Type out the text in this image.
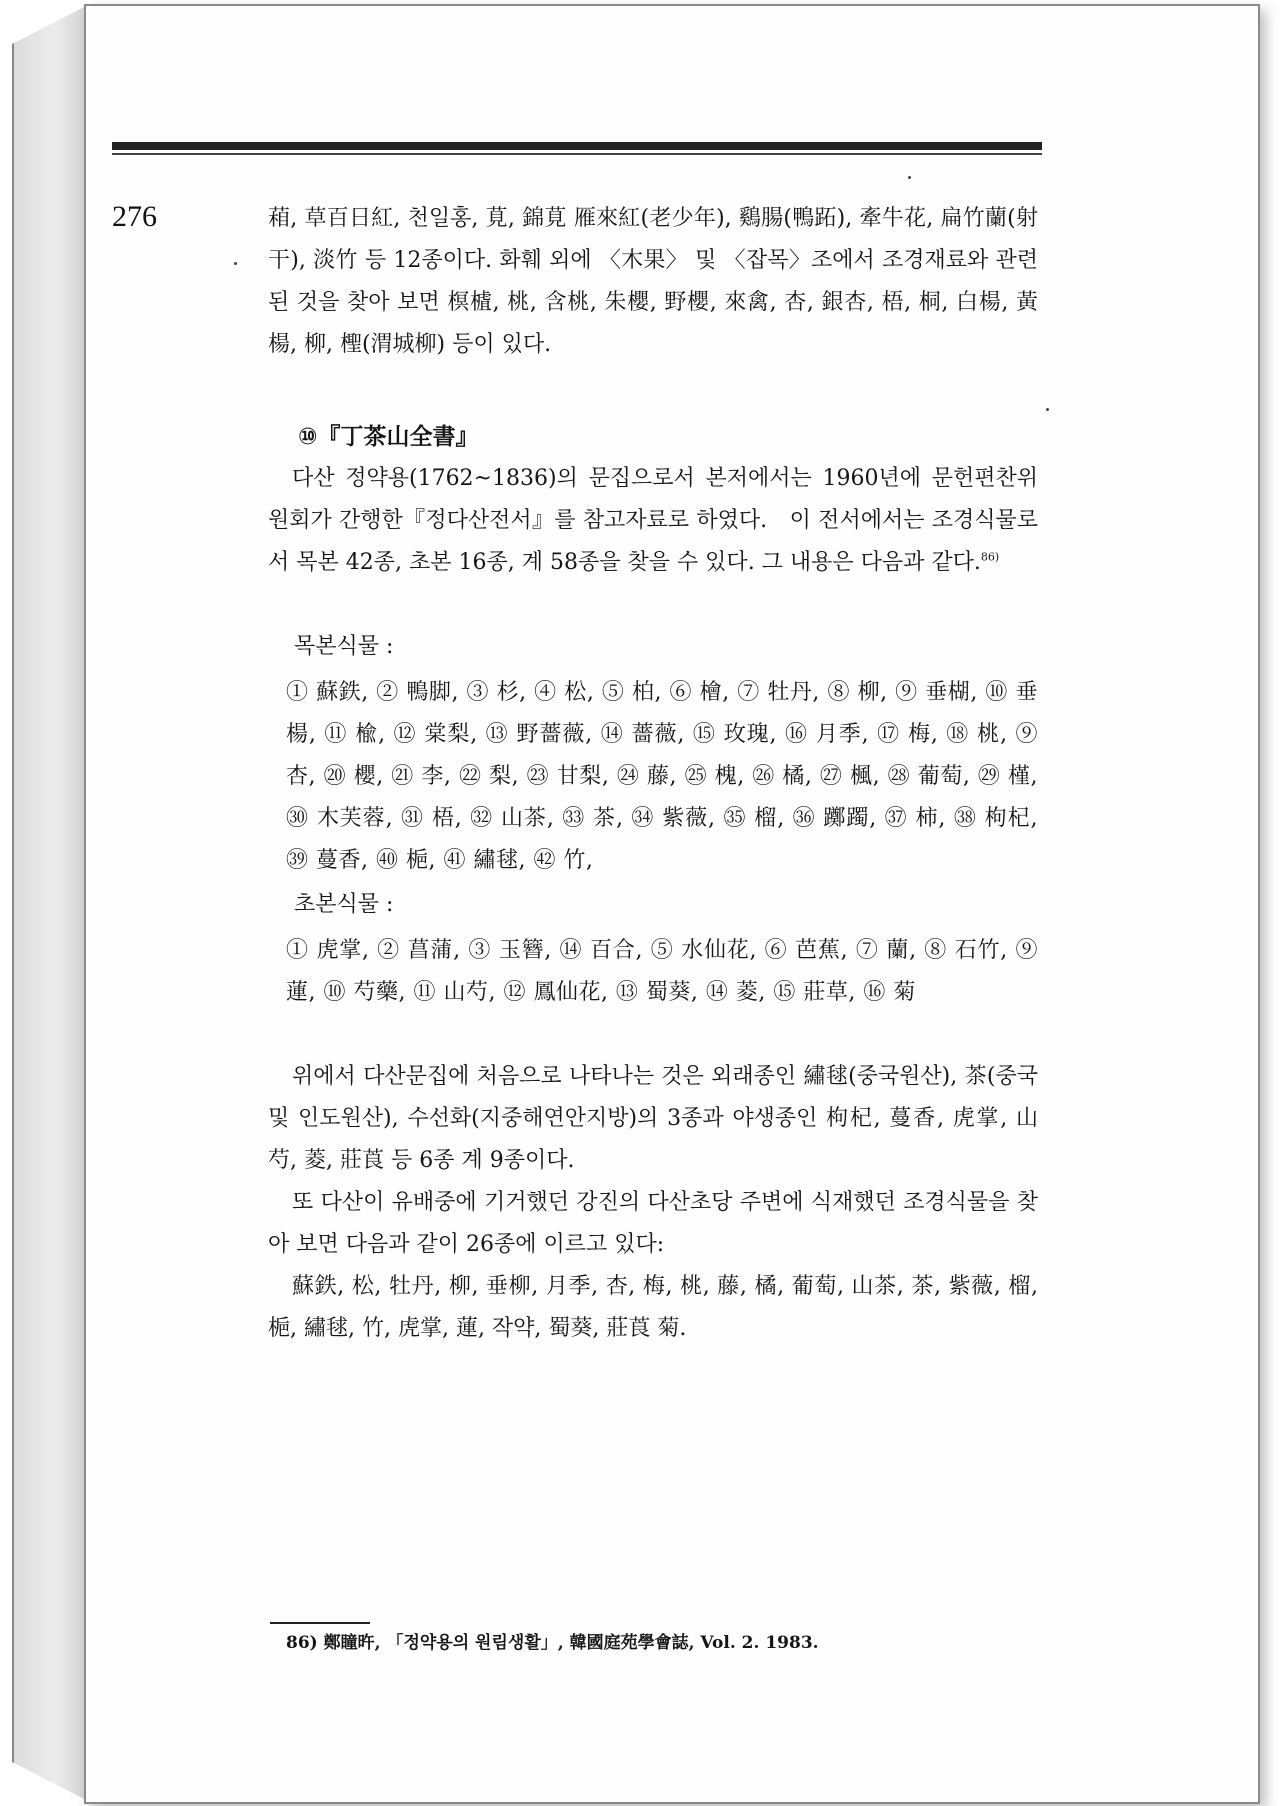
276	葙, 草百日紅, 천일홍, 莧, 錦莧 雁來紅(老少年), 鷄腸(鴨跖), 牽牛花, 扁竹蘭(射干), 淡竹 등 12종이다. 화훼 외에 〈木果〉 및 〈잡목〉조에서 조경재료와 관련된 것을 찾아 보면 榠樝, 桃, 含桃, 朱櫻, 野櫻, 來禽, 杏, 銀杏, 梧, 桐, 白楊, 黃楊, 柳, 檉(渭城柳) 등이 있다.

⑩『丁茶山全書』

다산 정약용(1762~1836)의 문집으로서 본저에서는 1960년에 문헌편찬위원회가 간행한『정다산전서』를 참고자료로 하였다.　이 전서에서는 조경식물로서 목본 42종, 초본 16종, 계 58종을 찾을 수 있다. 그 내용은 다음과 같다.$^{86)}$

목본식물 :

① 蘇鉄, ② 鴨脚, ③ 杉, ④ 松, ⑤ 柏, ⑥ 檜, ⑦ 牡丹, ⑧ 柳, ⑨ 垂楜, ⑩ 垂楊, ⑪ 楡, ⑫ 棠梨, ⑬ 野薔薇, ⑭ 薔薇, ⑮ 玫瑰, ⑯ 月季, ⑰ 梅, ⑱ 桃, ⑨ 杏, ⑳ 櫻, ㉑ 李, ㉒ 梨, ㉓ 甘梨, ㉔ 藤, ㉕ 槐, ㉖ 橘, ㉗ 楓, ㉘ 葡萄, ㉙ 槿, ㉚ 木芙蓉, ㉛ 梧, ㉜ 山茶, ㉝ 茶, ㉞ 紫薇, ㉟ 榴, ㊱ 躑躅, ㊲ 柿, ㊳ 枸杞, ㊴ 蔓香, ㊵ 梔, ㊶ 繡毬, ㊷ 竹,

초본식물 :

① 虎掌, ② 菖蒲, ③ 玉簪, ⑭ 百合, ⑤ 水仙花, ⑥ 芭蕉, ⑦ 蘭, ⑧ 石竹, ⑨ 蓮, ⑩ 芍藥, ⑪ 山芍, ⑫ 鳳仙花, ⑬ 蜀葵, ⑭ 菱, ⑮ 莊草, ⑯ 菊

위에서 다산문집에 처음으로 나타나는 것은 외래종인 繡毬(중국원산), 茶(중국 및 인도원산), 수선화(지중해연안지방)의 3종과 야생종인 枸杞, 蔓香, 虎掌, 山芍, 菱, 莊莨 등 6종 계 9종이다.

또 다산이 유배중에 기거했던 강진의 다산초당 주변에 식재했던 조경식물을 찾아 보면 다음과 같이 26종에 이르고 있다:

蘇鉄, 松, 牡丹, 柳, 垂柳, 月季, 杏, 梅, 桃, 藤, 橘, 葡萄, 山茶, 茶, 紫薇, 榴, 梔, 繡毬, 竹, 虎掌, 蓮, 작약, 蜀葵, 莊莨 菊.

86) 鄭瞳旿, 「정약용의 원림생활」, 韓國庭苑學會誌, Vol. 2. 1983.
